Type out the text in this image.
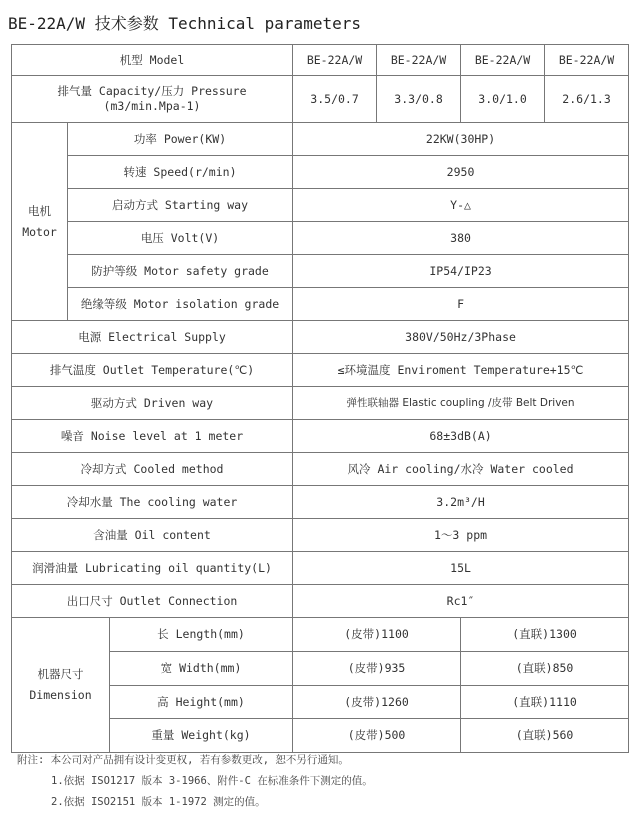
BE-22A/W 技术参数 Technical parameters
机型 Model			BE-22A/W	BE-22A/W	BE-22A/W	BE-22A/W

排气量 Capacity/压力 Pressure
(m3/min.Mpa-1)			3.5/0.7	3.3/0.8	3.0/1.0	2.6/1.3

电机
Motor	功率 Power(KW)		22KW(30HP)			
	转速 Speed(r/min)		2950			
	启动方式 Starting way		Y-△			
	电压 Volt(V)		380			
	防护等级 Motor safety grade		IP54/IP23			
	绝缘等级 Motor isolation grade		F			
电源 Electrical Supply			380V/50Hz/3Phase			
排气温度 Outlet Temperature(℃)			≤环境温度 Enviroment Temperature+15℃			
驱动方式 Driven way			弹性联轴器 Elastic coupling /皮带 Belt Driven			
噪音 Noise level at 1 meter			68±3dB(A)			
冷却方式 Cooled method			风冷 Air cooling/水冷 Water cooled			
冷却水量 The cooling water			3.2m³/H			
含油量 Oil content			1～3 ppm			
润滑油量 Lubricating oil quantity(L)			15L			
出口尺寸 Outlet Connection			Rc1″			

机器尺寸
Dimension		长 Length(mm)	(皮带)1100		(直联)1300	
		宽 Width(mm)	(皮带)935		(直联)850	
		高 Height(mm)	(皮带)1260		(直联)1110	
		重量 Weight(kg)	(皮带)500		(直联)560	
附注: 本公司对产品拥有设计变更权, 若有参数更改, 恕不另行通知。
1.依据 ISO1217 版本 3-1966、附件-C 在标准条件下测定的值。
2.依据 ISO2151 版本 1-1972 测定的值。
